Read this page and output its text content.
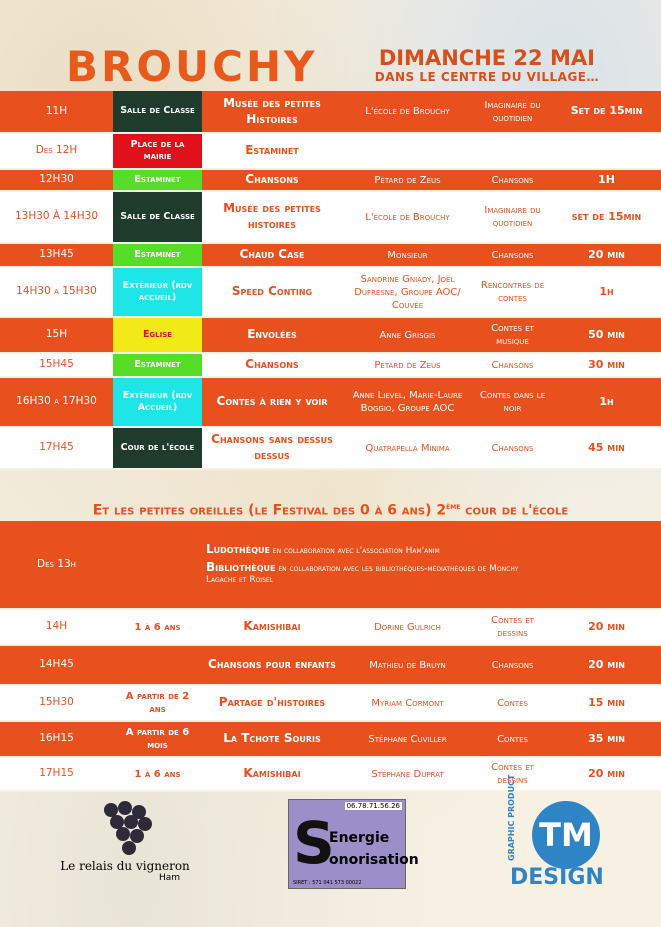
BROUCHY	DIMANCHE 22 MAI
DANS LE CENTRE DU VILLAGE…
11H	Salle de Classe	Musée des petites Histoires	L'école de Brouchy	Imaginaire du quotidien	Set de 15min
Des 12H	Place de la mairie	Estaminet			
12H30	Estaminet	Chansons	Pétard de Zeus	Chansons	1H
13H30 À 14H30	Salle de Classe	Musée des petites histoires	L'école de Brouchy	Imaginaire du quotidien	set de 15min
13H45	Estaminet	Chaud Case	Monsieur	Chansons	20 min
14H30 a 15H30	Extérieur (rdv accueil)	Speed Conting	Sandrine Gniady, Joël Dufresne, Groupe AOC/ Couvée	Rencontres de contes	1h
15H	Eglise	Envolées	Anne Grisgis	Contes et musique	50 min
15H45	Estaminet	Chansons	Pétard de Zeus	Chansons	30 min
16H30 a 17H30	Extérieur (rdv Accueil)	Contes à rien y voir	Anne Lievel, Marie-Laure Boggio, Groupe AOC	Contes dans le noir	1h
17H45	Cour de l'école	Chansons sans dessus dessus	Quatrapella Minima	Chansons	45 min
Et les petites oreilles (le Festival des 0 à 6 ans) 2ème cour de l'école
Des 13h		Ludothèque en collaboration avec l'association Ham'anim

Bibliothèque en collaboration avec les bibliothèques-médiathèques de Monchy Lagache et Roisel			

14H	1 à 6 ans	Kamishibai	Dorine Gulrich	Contes et dessins	20 min
14H45		Chansons pour enfants	Mathieu de Bruyn	Chansons	20 min
15H30	A partir de 2 ans	Partage d'histoires	Myriam Cormont	Contes	15 min
16H15	A partir de 6 mois	La Tchote Souris	Stéphane Cuviller	Contes	35 min
17H15	1 à 6 ans	Kamishibai	Stéphane Duprat	Contes et dessins	20 min
Le relais du vigneron
Ham
06.78.71.56.26
S
Energie
onorisation
SIRET : 571 041 573 00022
TM
GRAPHIC PRODUCT
DESIGN
